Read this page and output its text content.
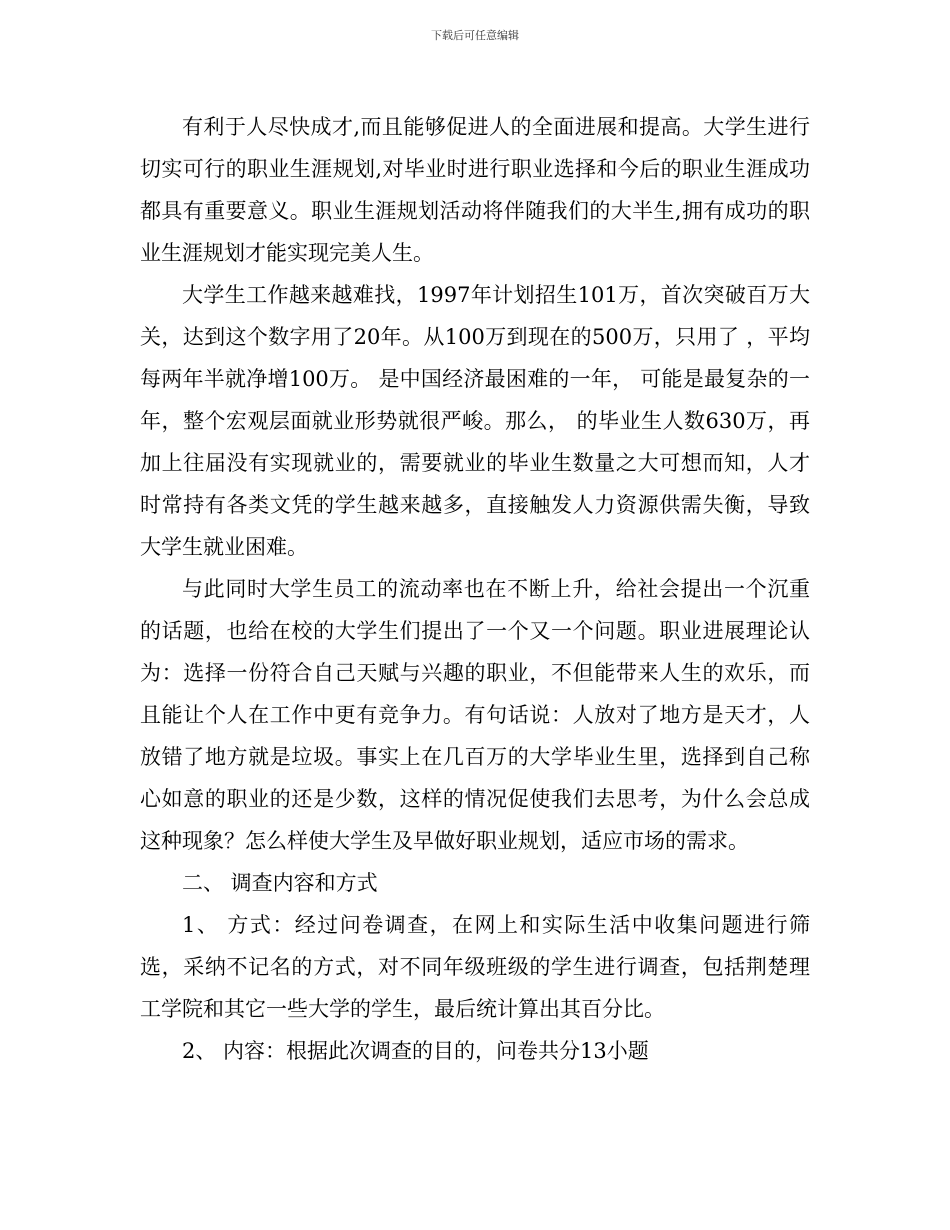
下载后可任意编辑

有利于人尽快成才,而且能够促进人的全面进展和提高。大学生进行切实可行的职业生涯规划,对毕业时进行职业选择和今后的职业生涯成功都具有重要意义。职业生涯规划活动将伴随我们的大半生,拥有成功的职业生涯规划才能实现完美人生。

大学生工作越来越难找，1997年计划招生101万，首次突破百万大关，达到这个数字用了20年。从100万到现在的500万，只用了 ，平均每两年半就净增100万。 是中国经济最困难的一年， 可能是最复杂的一年，整个宏观层面就业形势就很严峻。那么， 的毕业生人数630万，再加上往届没有实现就业的，需要就业的毕业生数量之大可想而知，人才时常持有各类文凭的学生越来越多，直接触发人力资源供需失衡，导致大学生就业困难。

与此同时大学生员工的流动率也在不断上升，给社会提出一个沉重的话题，也给在校的大学生们提出了一个又一个问题。职业进展理论认为：选择一份符合自己天赋与兴趣的职业，不但能带来人生的欢乐，而且能让个人在工作中更有竞争力。有句话说：人放对了地方是天才，人放错了地方就是垃圾。事实上在几百万的大学毕业生里，选择到自己称心如意的职业的还是少数，这样的情况促使我们去思考，为什么会总成这种现象？怎么样使大学生及早做好职业规划，适应市场的需求。

二、 调查内容和方式

1、 方式：经过问卷调查，在网上和实际生活中收集问题进行筛选，采纳不记名的方式，对不同年级班级的学生进行调查，包括荆楚理工学院和其它一些大学的学生，最后统计算出其百分比。

2、 内容：根据此次调查的目的，问卷共分13小题
